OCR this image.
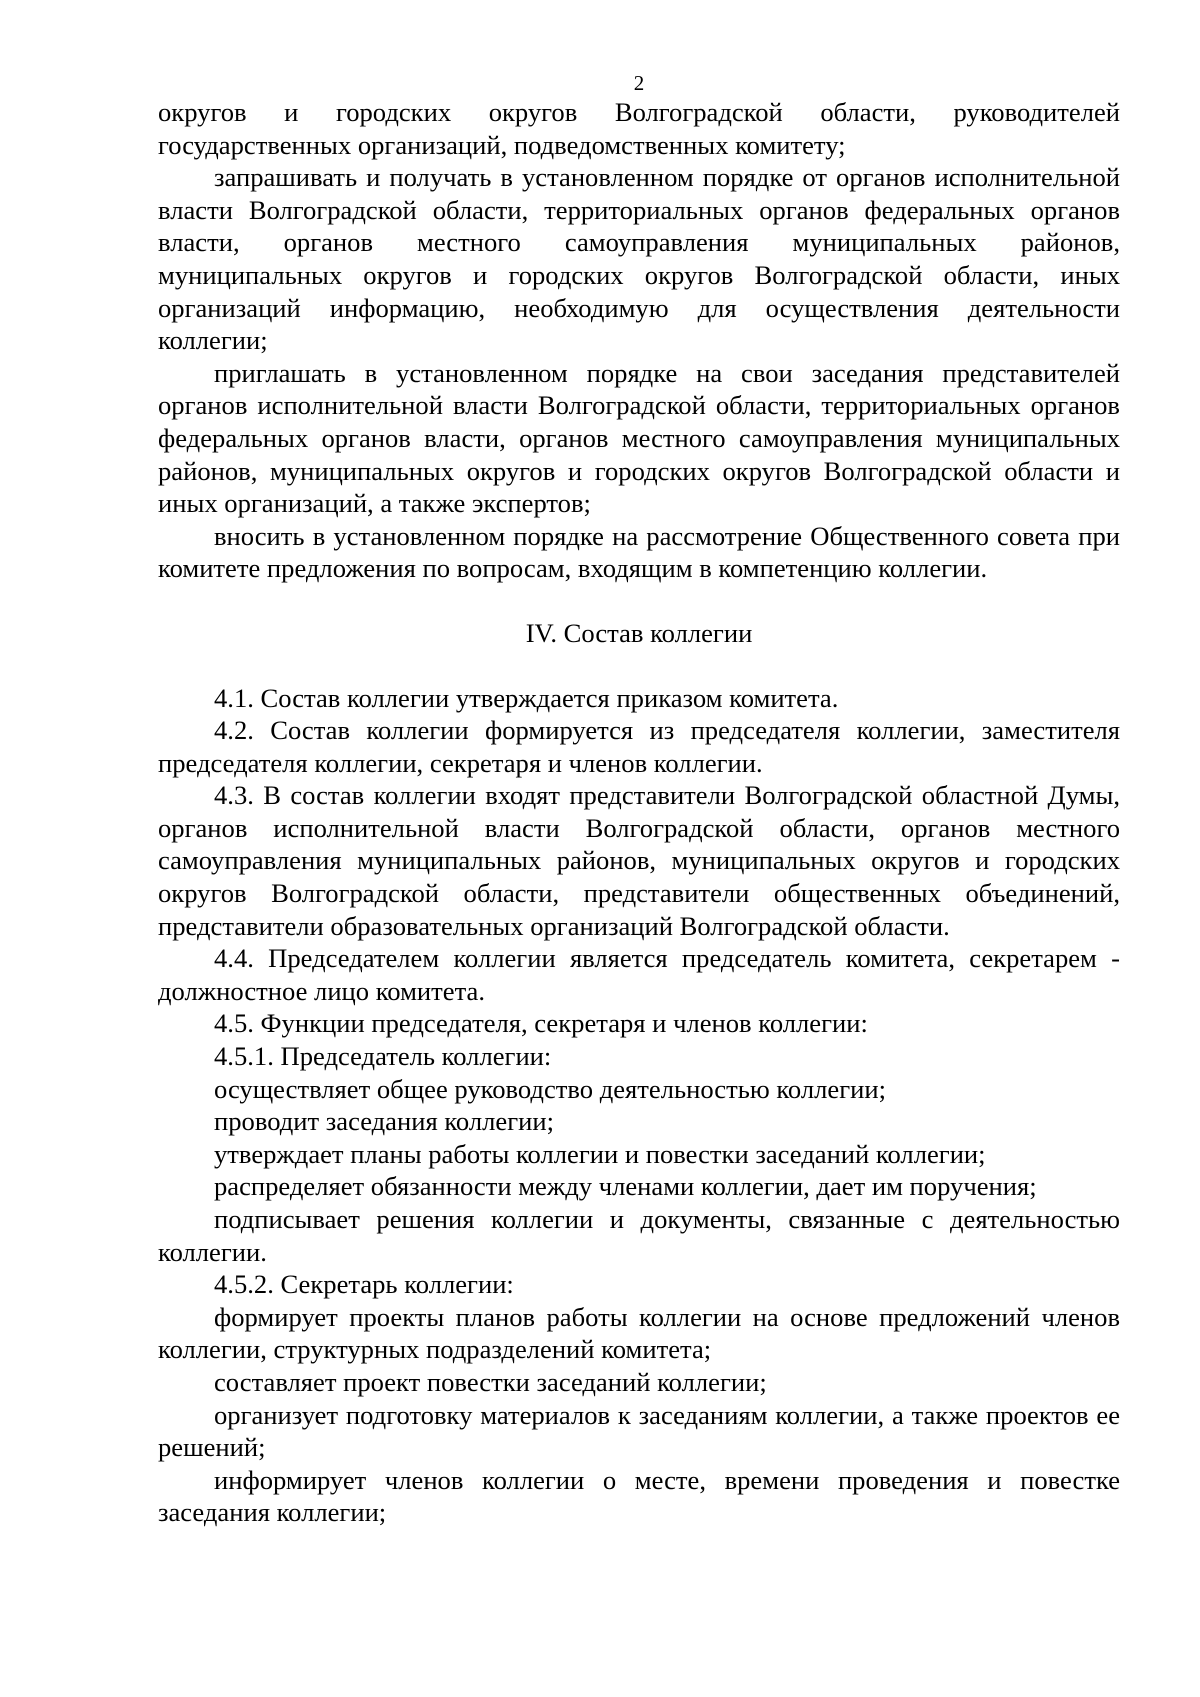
2

округов и городских округов Волгоградской области, руководителей государственных организаций, подведомственных комитету;

запрашивать и получать в установленном порядке от органов исполнительной власти Волгоградской области, территориальных органов федеральных органов власти, органов местного самоуправления муниципальных районов, муниципальных округов и городских округов Волгоградской области, иных организаций информацию, необходимую для осуществления деятельности коллегии;

приглашать в установленном порядке на свои заседания представителей органов исполнительной власти Волгоградской области, территориальных органов федеральных органов власти, органов местного самоуправления муниципальных районов, муниципальных округов и городских округов Волгоградской области и иных организаций, а также экспертов;

вносить в установленном порядке на рассмотрение Общественного совета при комитете предложения по вопросам, входящим в компетенцию коллегии.

IV. Состав коллегии

4.1. Состав коллегии утверждается приказом комитета.

4.2. Состав коллегии формируется из председателя коллегии, заместителя председателя коллегии, секретаря и членов коллегии.

4.3. В состав коллегии входят представители Волгоградской областной Думы, органов исполнительной власти Волгоградской области, органов местного самоуправления муниципальных районов, муниципальных округов и городских округов Волгоградской области, представители общественных объединений, представители образовательных организаций Волгоградской области.

4.4. Председателем коллегии является председатель комитета, секретарем - должностное лицо комитета.

4.5. Функции председателя, секретаря и членов коллегии:

4.5.1. Председатель коллегии:

осуществляет общее руководство деятельностью коллегии;

проводит заседания коллегии;

утверждает планы работы коллегии и повестки заседаний коллегии;

распределяет обязанности между членами коллегии, дает им поручения;

подписывает решения коллегии и документы, связанные с деятельностью коллегии.

4.5.2. Секретарь коллегии:

формирует проекты планов работы коллегии на основе предложений членов коллегии, структурных подразделений комитета;

составляет проект повестки заседаний коллегии;

организует подготовку материалов к заседаниям коллегии, а также проектов ее решений;

информирует членов коллегии о месте, времени проведения и повестке заседания коллегии;
